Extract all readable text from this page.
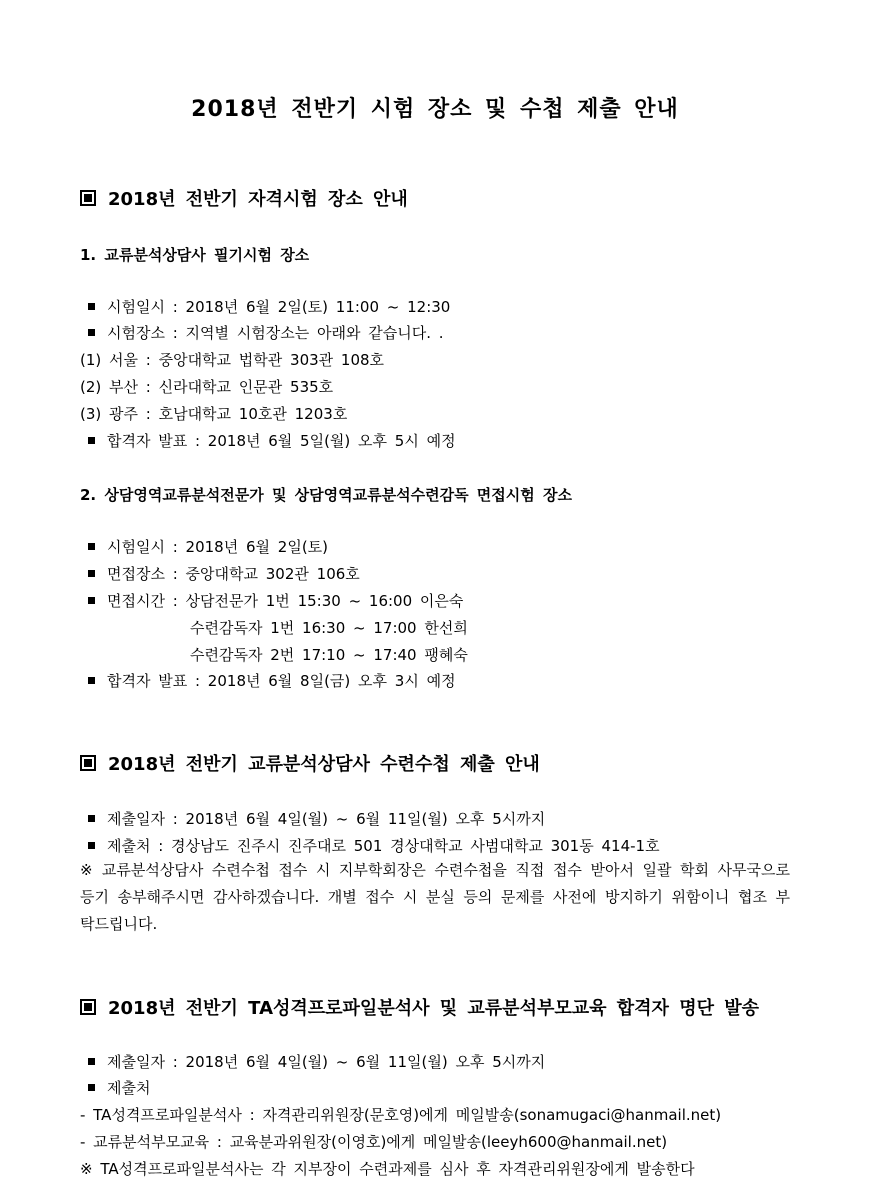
2018년 전반기 시험 장소 및 수첩 제출 안내
2018년 전반기 자격시험 장소 안내
1. 교류분석상담사 필기시험 장소
시험일시 : 2018년 6월 2일(토) 11:00 ~ 12:30
시험장소 : 지역별 시험장소는 아래와 같습니다. .
(1) 서울 : 중앙대학교 법학관 303관 108호
(2) 부산 : 신라대학교 인문관 535호
(3) 광주 : 호남대학교 10호관 1203호
합격자 발표 : 2018년 6월 5일(월) 오후 5시 예정
2. 상담영역교류분석전문가 및 상담영역교류분석수련감독 면접시험 장소
시험일시 : 2018년 6월 2일(토)
면접장소 : 중앙대학교 302관 106호
면접시간 : 상담전문가 1번 15:30 ~ 16:00 이은숙
수련감독자 1번 16:30 ~ 17:00 한선희
수련감독자 2번 17:10 ~ 17:40 팽혜숙
합격자 발표 : 2018년 6월 8일(금) 오후 3시 예정
2018년 전반기 교류분석상담사 수련수첩 제출 안내
제출일자 : 2018년 6월 4일(월) ~ 6월 11일(월) 오후 5시까지
제출처 : 경상남도 진주시 진주대로 501 경상대학교 사범대학교 301동 414-1호
※ 교류분석상담사 수련수첩 접수 시 지부학회장은 수련수첩을 직접 접수 받아서 일괄 학회 사무국으로 등기 송부해주시면 감사하겠습니다. 개별 접수 시 분실 등의 문제를 사전에 방지하기 위함이니 협조 부탁드립니다.
2018년 전반기 TA성격프로파일분석사 및 교류분석부모교육 합격자 명단 발송
제출일자 : 2018년 6월 4일(월) ~ 6월 11일(월) 오후 5시까지
제출처
- TA성격프로파일분석사 : 자격관리위원장(문호영)에게 메일발송(sonamugaci@hanmail.net)
- 교류분석부모교육 : 교육분과위원장(이영호)에게 메일발송(leeyh600@hanmail.net)
※ TA성격프로파일분석사는 각 지부장이 수련과제를 심사 후 자격관리위원장에게 발송한다
